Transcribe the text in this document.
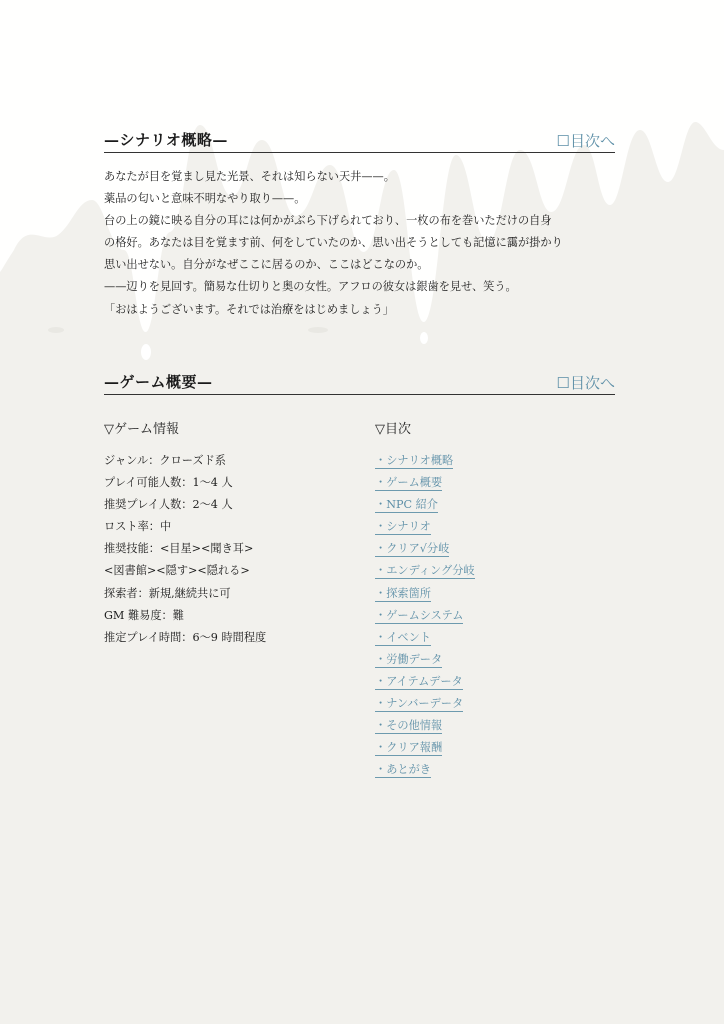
—シナリオ概略—	☐目次へ

あなたが目を覚まし見た光景、それは知らない天井——。

薬品の匂いと意味不明なやり取り——。

台の上の鏡に映る自分の耳には何かがぶら下げられており、一枚の布を巻いただけの自身

の格好。あなたは目を覚ます前、何をしていたのか、思い出そうとしても記憶に靄が掛かり

思い出せない。自分がなぜここに居るのか、ここはどこなのか。

——辺りを見回す。簡易な仕切りと奥の女性。アフロの彼女は銀歯を見せ、笑う。

「おはようございます。それでは治療をはじめましょう」

—ゲーム概要—	☐目次へ
▽ゲーム情報	▽目次
ジャンル：クローズド系
プレイ可能人数：1〜4 人
推奨プレイ人数：2〜4 人
ロスト率：中
推奨技能：<目星><聞き耳>
<図書館><隠す><隠れる>
探索者：新規,継続共に可
GM 難易度：難
推定プレイ時間：6〜9 時間程度
・シナリオ概略
・ゲーム概要
・NPC 紹介
・シナリオ
・クリア√分岐
・エンディング分岐
・探索箇所
・ゲームシステム
・イベント
・労働データ
・アイテムデータ
・ナンバーデータ
・その他情報
・クリア報酬
・あとがき
